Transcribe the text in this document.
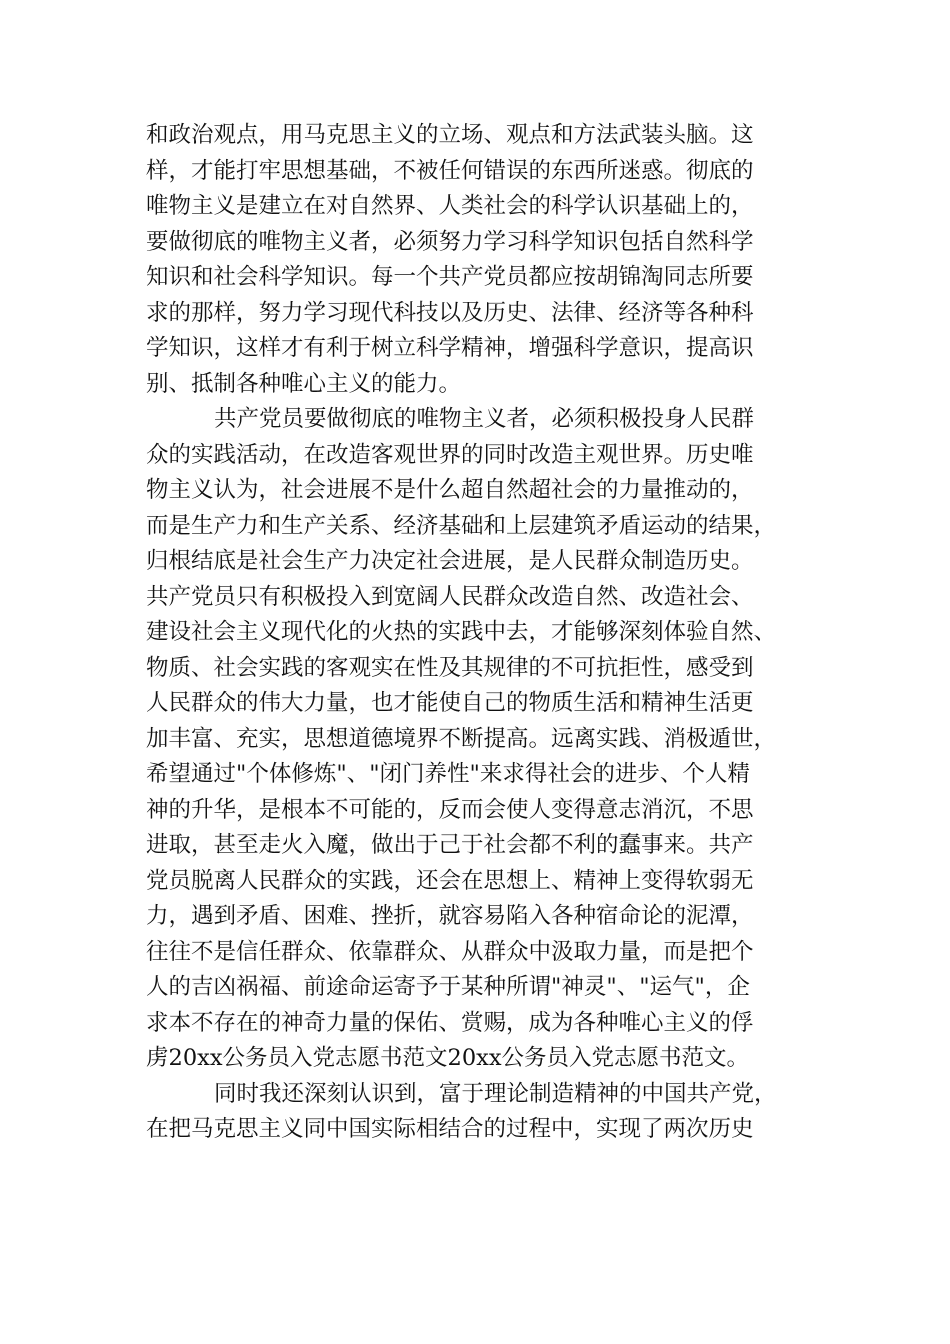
和政治观点，用马克思主义的立场、观点和方法武装头脑。这
样，才能打牢思想基础，不被任何错误的东西所迷惑。彻底的
唯物主义是建立在对自然界、人类社会的科学认识基础上的，
要做彻底的唯物主义者，必须努力学习科学知识包括自然科学
知识和社会科学知识。每一个共产党员都应按胡锦淘同志所要
求的那样，努力学习现代科技以及历史、法律、经济等各种科
学知识，这样才有利于树立科学精神，增强科学意识，提高识
别、抵制各种唯心主义的能力。
共产党员要做彻底的唯物主义者，必须积极投身人民群
众的实践活动，在改造客观世界的同时改造主观世界。历史唯
物主义认为，社会进展不是什么超自然超社会的力量推动的，
而是生产力和生产关系、经济基础和上层建筑矛盾运动的结果，
归根结底是社会生产力决定社会进展，是人民群众制造历史。
共产党员只有积极投入到宽阔人民群众改造自然、改造社会、
建设社会主义现代化的火热的实践中去，才能够深刻体验自然、
物质、社会实践的客观实在性及其规律的不可抗拒性，感受到
人民群众的伟大力量，也才能使自己的物质生活和精神生活更
加丰富、充实，思想道德境界不断提高。远离实践、消极遁世，
希望通过"个体修炼"、"闭门养性"来求得社会的进步、个人精
神的升华，是根本不可能的，反而会使人变得意志消沉，不思
进取，甚至走火入魔，做出于己于社会都不利的蠢事来。共产
党员脱离人民群众的实践，还会在思想上、精神上变得软弱无
力，遇到矛盾、困难、挫折，就容易陷入各种宿命论的泥潭，
往往不是信任群众、依靠群众、从群众中汲取力量，而是把个
人的吉凶祸福、前途命运寄予于某种所谓"神灵"、"运气"，企
求本不存在的神奇力量的保佑、赏赐，成为各种唯心主义的俘
虏20xx公务员入党志愿书范文20xx公务员入党志愿书范文。
同时我还深刻认识到，富于理论制造精神的中国共产党，
在把马克思主义同中国实际相结合的过程中，实现了两次历史
